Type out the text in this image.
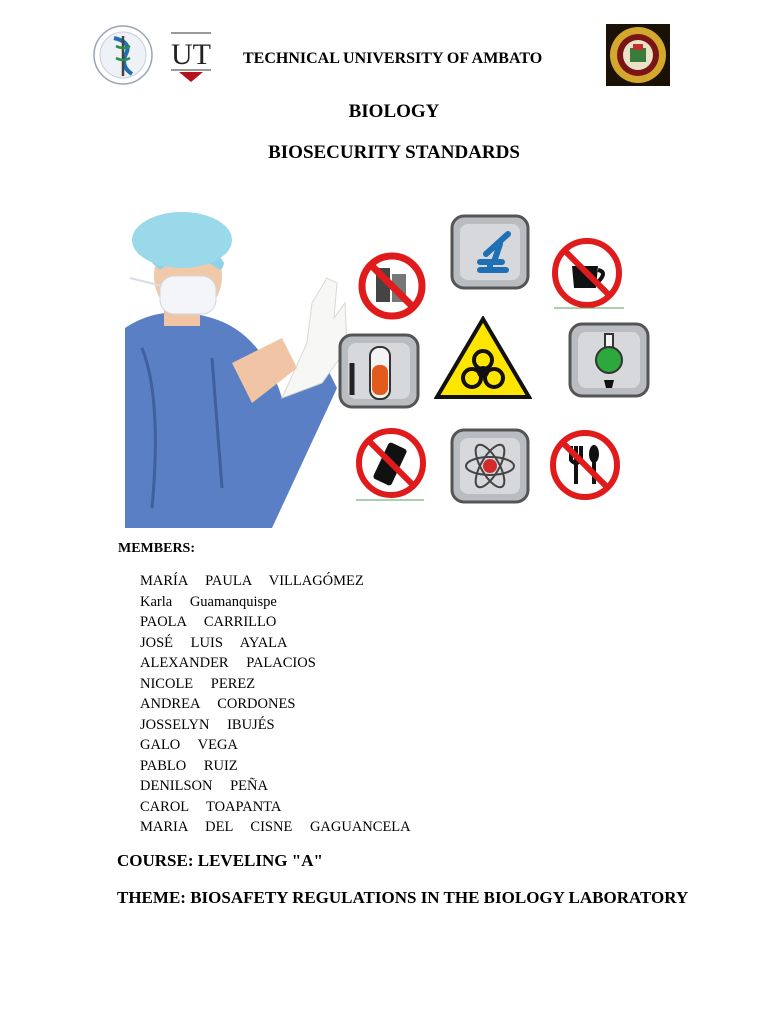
UT TECHNICAL UNIVERSITY OF AMBATO
BIOLOGY
BIOSECURITY STANDARDS
MEMBERS:
MARÍA PAULA VILLAGÓMEZ
Karla Guamanquispe
PAOLA CARRILLO
JOSÉ LUIS AYALA
ALEXANDER PALACIOS
NICOLE PEREZ
ANDREA CORDONES
JOSSELYN IBUJÉS
GALO VEGA
PABLO RUIZ
DENILSON PEÑA
CAROL TOAPANTA
MARIA DEL CISNE GAGUANCELA
COURSE: LEVELING "A"
THEME: BIOSAFETY REGULATIONS IN THE BIOLOGY LABORATORY
